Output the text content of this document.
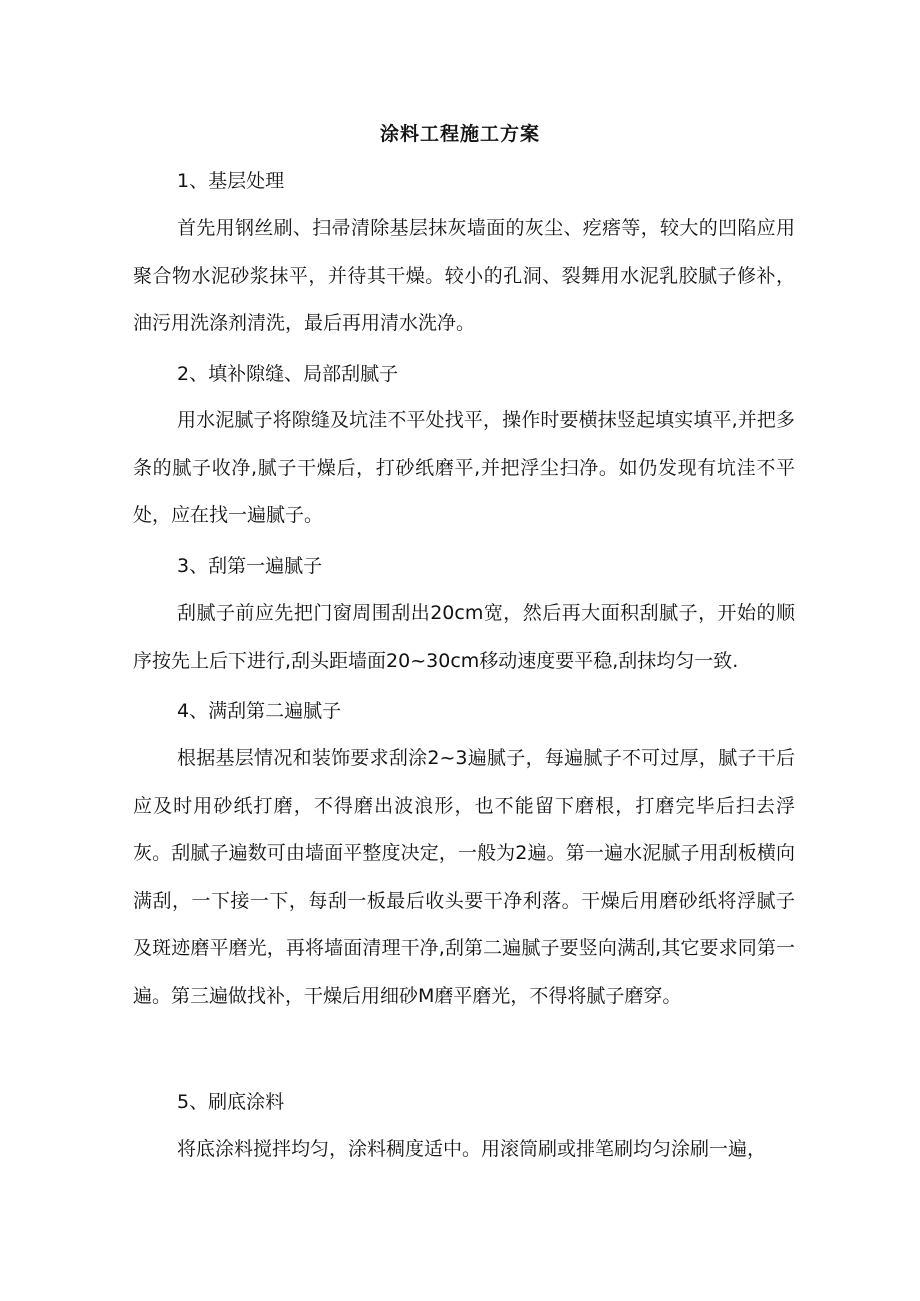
涂料工程施工方案
1、基层处理
首先用钢丝刷、扫帚清除基层抹灰墙面的灰尘、疙瘩等，较大的凹陷应用聚合物水泥砂浆抹平，并待其干燥。较小的孔洞、裂舞用水泥乳胶腻子修补，油污用洗涤剂清洗，最后再用清水洗净。
2、填补隙缝、局部刮腻子
用水泥腻子将隙缝及坑洼不平处找平，操作时要横抹竖起填实填平,并把多条的腻子收净,腻子干燥后，打砂纸磨平,并把浮尘扫净。如仍发现有坑洼不平处，应在找一遍腻子。
3、刮第一遍腻子
刮腻子前应先把门窗周围刮出20cm宽，然后再大面积刮腻子，开始的顺序按先上后下进行,刮头距墙面20~30cm移动速度要平稳,刮抹均匀一致.
4、满刮第二遍腻子
根据基层情况和装饰要求刮涂2~3遍腻子，每遍腻子不可过厚，腻子干后应及时用砂纸打磨，不得磨出波浪形，也不能留下磨根，打磨完毕后扫去浮灰。刮腻子遍数可由墙面平整度决定，一般为2遍。第一遍水泥腻子用刮板横向满刮，一下接一下，每刮一板最后收头要干净利落。干燥后用磨砂纸将浮腻子及斑迹磨平磨光，再将墙面清理干净,刮第二遍腻子要竖向满刮,其它要求同第一遍。第三遍做找补，干燥后用细砂M磨平磨光，不得将腻子磨穿。
5、刷底涂料
将底涂料搅拌均匀，涂料稠度适中。用滚筒刷或排笔刷均匀涂刷一遍，
